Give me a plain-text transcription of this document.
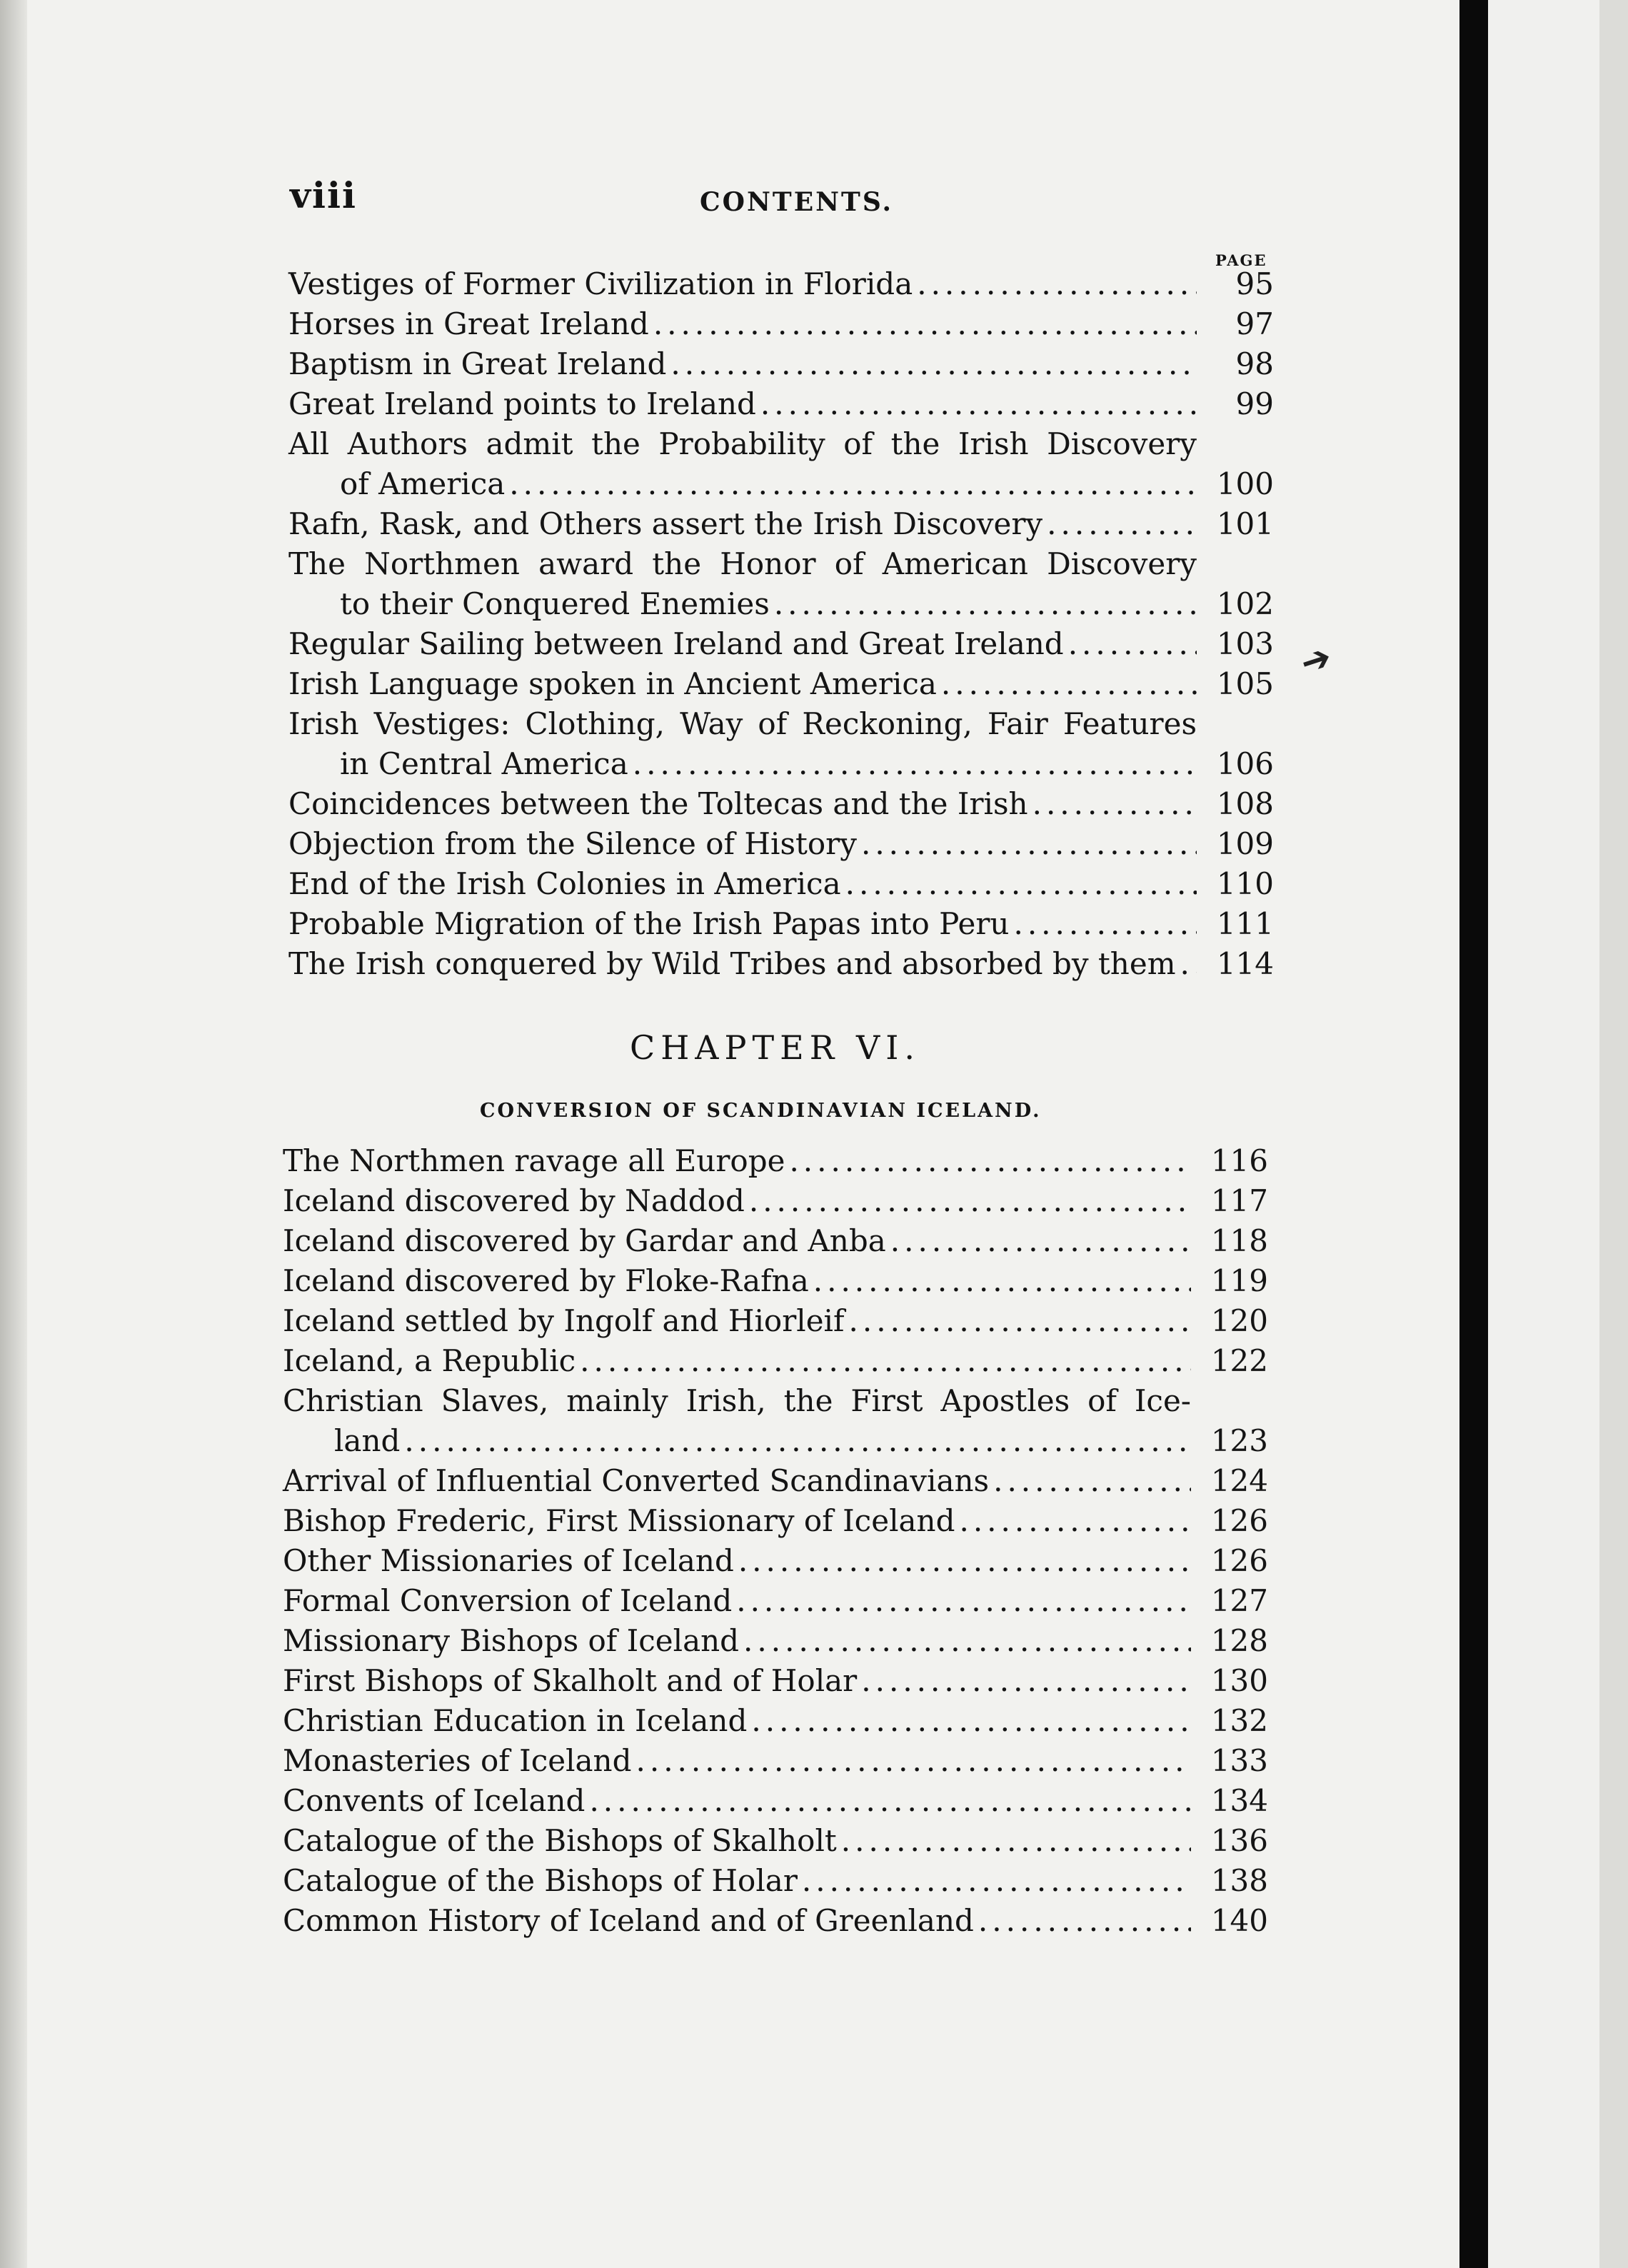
viii	CONTENTS.
PAGE
Vestiges of Former Civilization in Florida .....	95
Horses in Great Ireland .....	97
Baptism in Great Ireland .....	98
Great Ireland points to Ireland .....	99
All Authors admit the Probability of the Irish Discovery
of America .....	100
Rafn, Rask, and Others assert the Irish Discovery .....	101
The Northmen award the Honor of American Discovery
to their Conquered Enemies .....	102
Regular Sailing between Ireland and Great Ireland .....	103
Irish Language spoken in Ancient America .....	105
Irish Vestiges: Clothing, Way of Reckoning, Fair Features
in Central America .....	106
Coincidences between the Toltecas and the Irish .....	108
Objection from the Silence of History .....	109
End of the Irish Colonies in America .....	110
Probable Migration of the Irish Papas into Peru .....	111
The Irish conquered by Wild Tribes and absorbed by them .....	114
CHAPTER VI.
CONVERSION OF SCANDINAVIAN ICELAND.
The Northmen ravage all Europe .....	116
Iceland discovered by Naddod .....	117
Iceland discovered by Gardar and Anba .....	118
Iceland discovered by Floke-Rafna .....	119
Iceland settled by Ingolf and Hiorleif .....	120
Iceland, a Republic .....	122
Christian Slaves, mainly Irish, the First Apostles of Ice-
land .....	123
Arrival of Influential Converted Scandinavians .....	124
Bishop Frederic, First Missionary of Iceland .....	126
Other Missionaries of Iceland .....	126
Formal Conversion of Iceland .....	127
Missionary Bishops of Iceland .....	128
First Bishops of Skalholt and of Holar .....	130
Christian Education in Iceland .....	132
Monasteries of Iceland .....	133
Convents of Iceland .....	134
Catalogue of the Bishops of Skalholt .....	136
Catalogue of the Bishops of Holar .....	138
Common History of Iceland and of Greenland .....	140
➔
